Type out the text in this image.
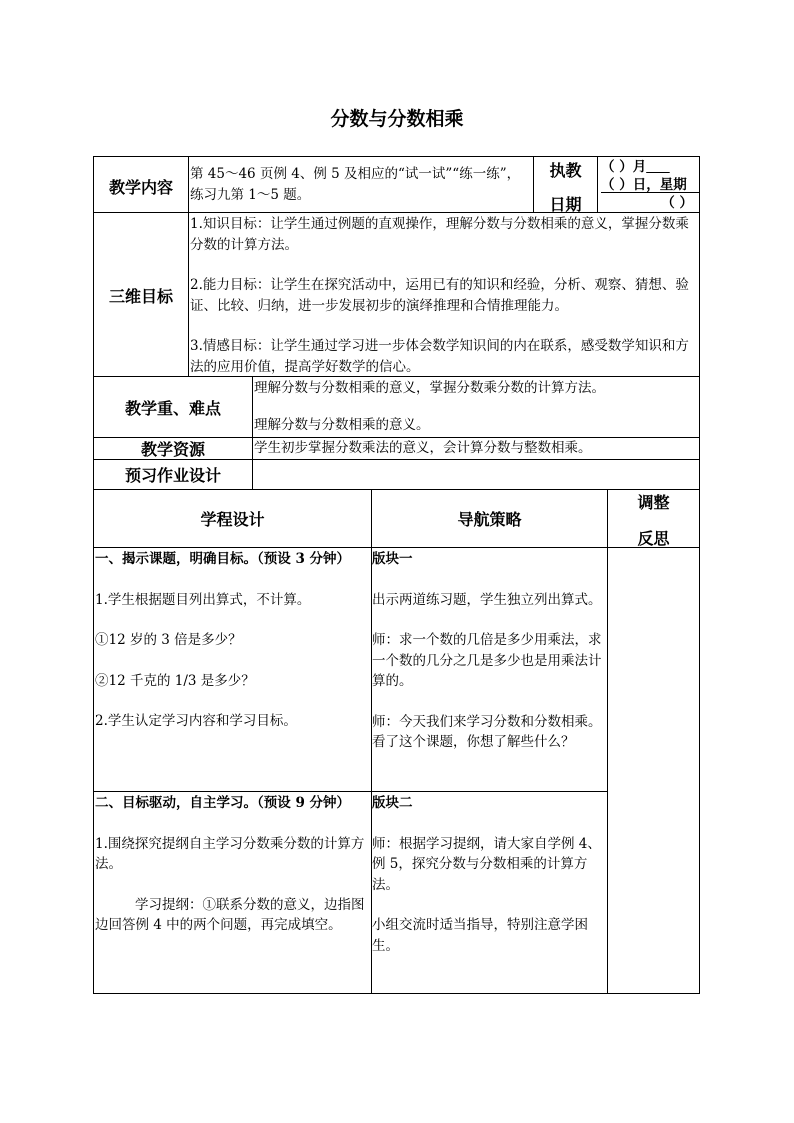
分数与分数相乘
教学内容
第 45～46 页例 4、例 5 及相应的“试一试”“练一练”，练习九第 1～5 题。
执教
日期
（ ）月
（ ）日，星期
（ ）
三维目标

1.知识目标：让学生通过例题的直观操作，理解分数与分数相乘的意义，掌握分数乘分数的计算方法。

2.能力目标：让学生在探究活动中，运用已有的知识和经验，分析、观察、猜想、验证、比较、归纳，进一步发展初步的演绎推理和合情推理能力。

3.情感目标：让学生通过学习进一步体会数学知识间的内在联系，感受数学知识和方法的应用价值，提高学好数学的信心。

教学重、难点
理解分数与分数相乘的意义，掌握分数乘分数的计算方法。
理解分数与分数相乘的意义。
教学资源	学生初步掌握分数乘法的意义，会计算分数与整数相乘。
预习作业设计
学程设计	导航策略
调整
反思

一、揭示课题，明确目标。（预设 3 分钟）

1.学生根据题目列出算式，不计算。

①12 岁的 3 倍是多少？

②12 千克的 1/3 是多少？

2.学生认定学习内容和学习目标。

版块一

出示两道练习题，学生独立列出算式。

师：求一个数的几倍是多少用乘法，求一个数的几分之几是多少也是用乘法计算的。

师：今天我们来学习分数和分数相乘。看了这个课题，你想了解些什么？

二、目标驱动，自主学习。（预设 9 分钟）

1.围绕探究提纲自主学习分数乘分数的计算方法。

学习提纲：①联系分数的意义，边指图边回答例 4 中的两个问题，再完成填空。

版块二

师：根据学习提纲，请大家自学例 4、例 5，探究分数与分数相乘的计算方法。

小组交流时适当指导，特别注意学困生。
